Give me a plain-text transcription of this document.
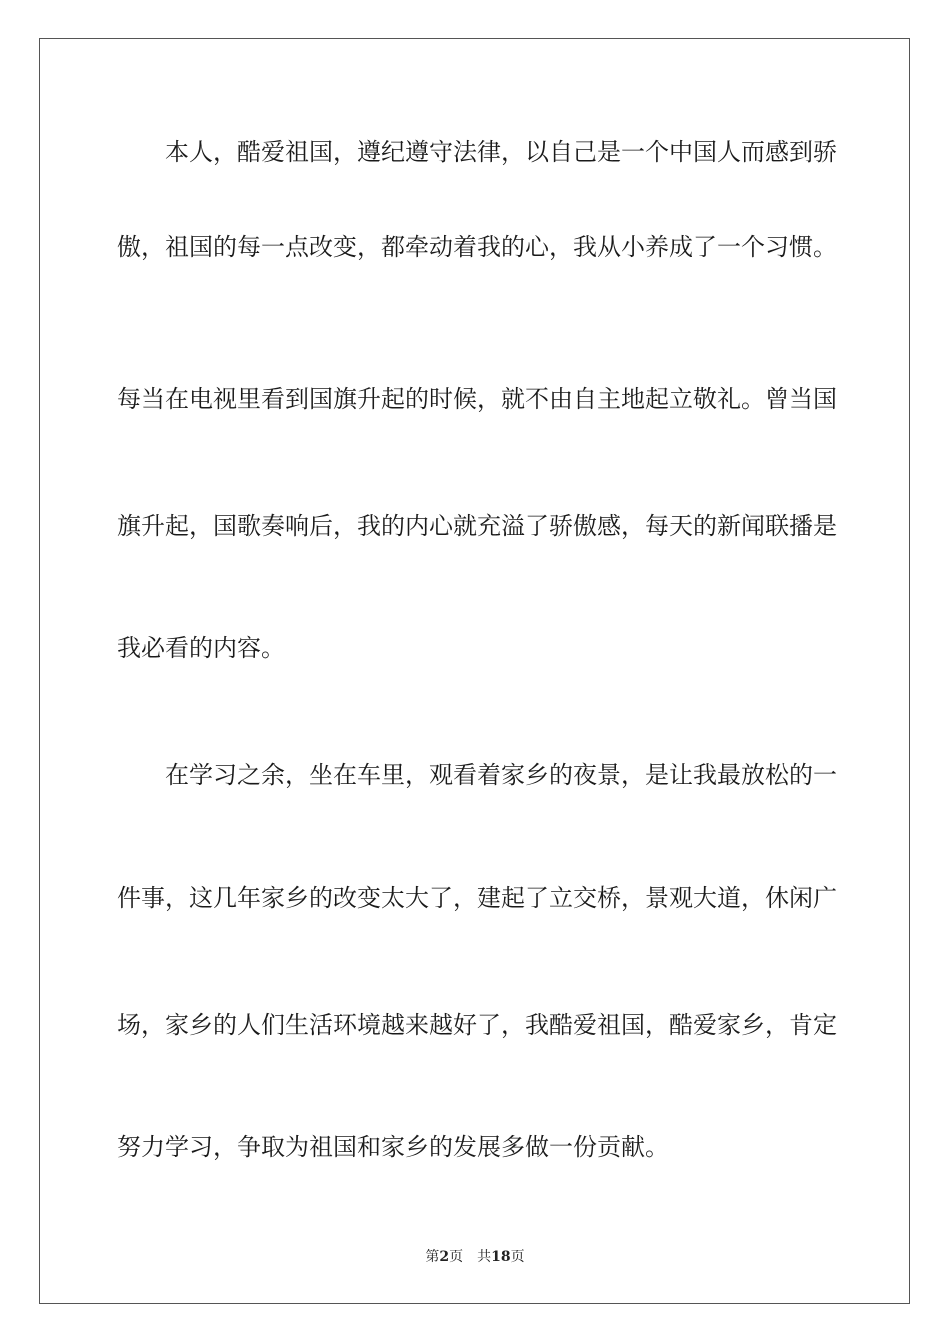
本人，酷爱祖国，遵纪遵守法律，以自己是一个中国人而感到骄
傲，祖国的每一点改变，都牵动着我的心，我从小养成了一个习惯。
每当在电视里看到国旗升起的时候，就不由自主地起立敬礼。曾当国
旗升起，国歌奏响后，我的内心就充溢了骄傲感，每天的新闻联播是
我必看的内容。
在学习之余，坐在车里，观看着家乡的夜景，是让我最放松的一
件事，这几年家乡的改变太大了，建起了立交桥，景观大道，休闲广
场，家乡的人们生活环境越来越好了，我酷爱祖国，酷爱家乡，肯定
努力学习，争取为祖国和家乡的发展多做一份贡献。
第2页 共18页
